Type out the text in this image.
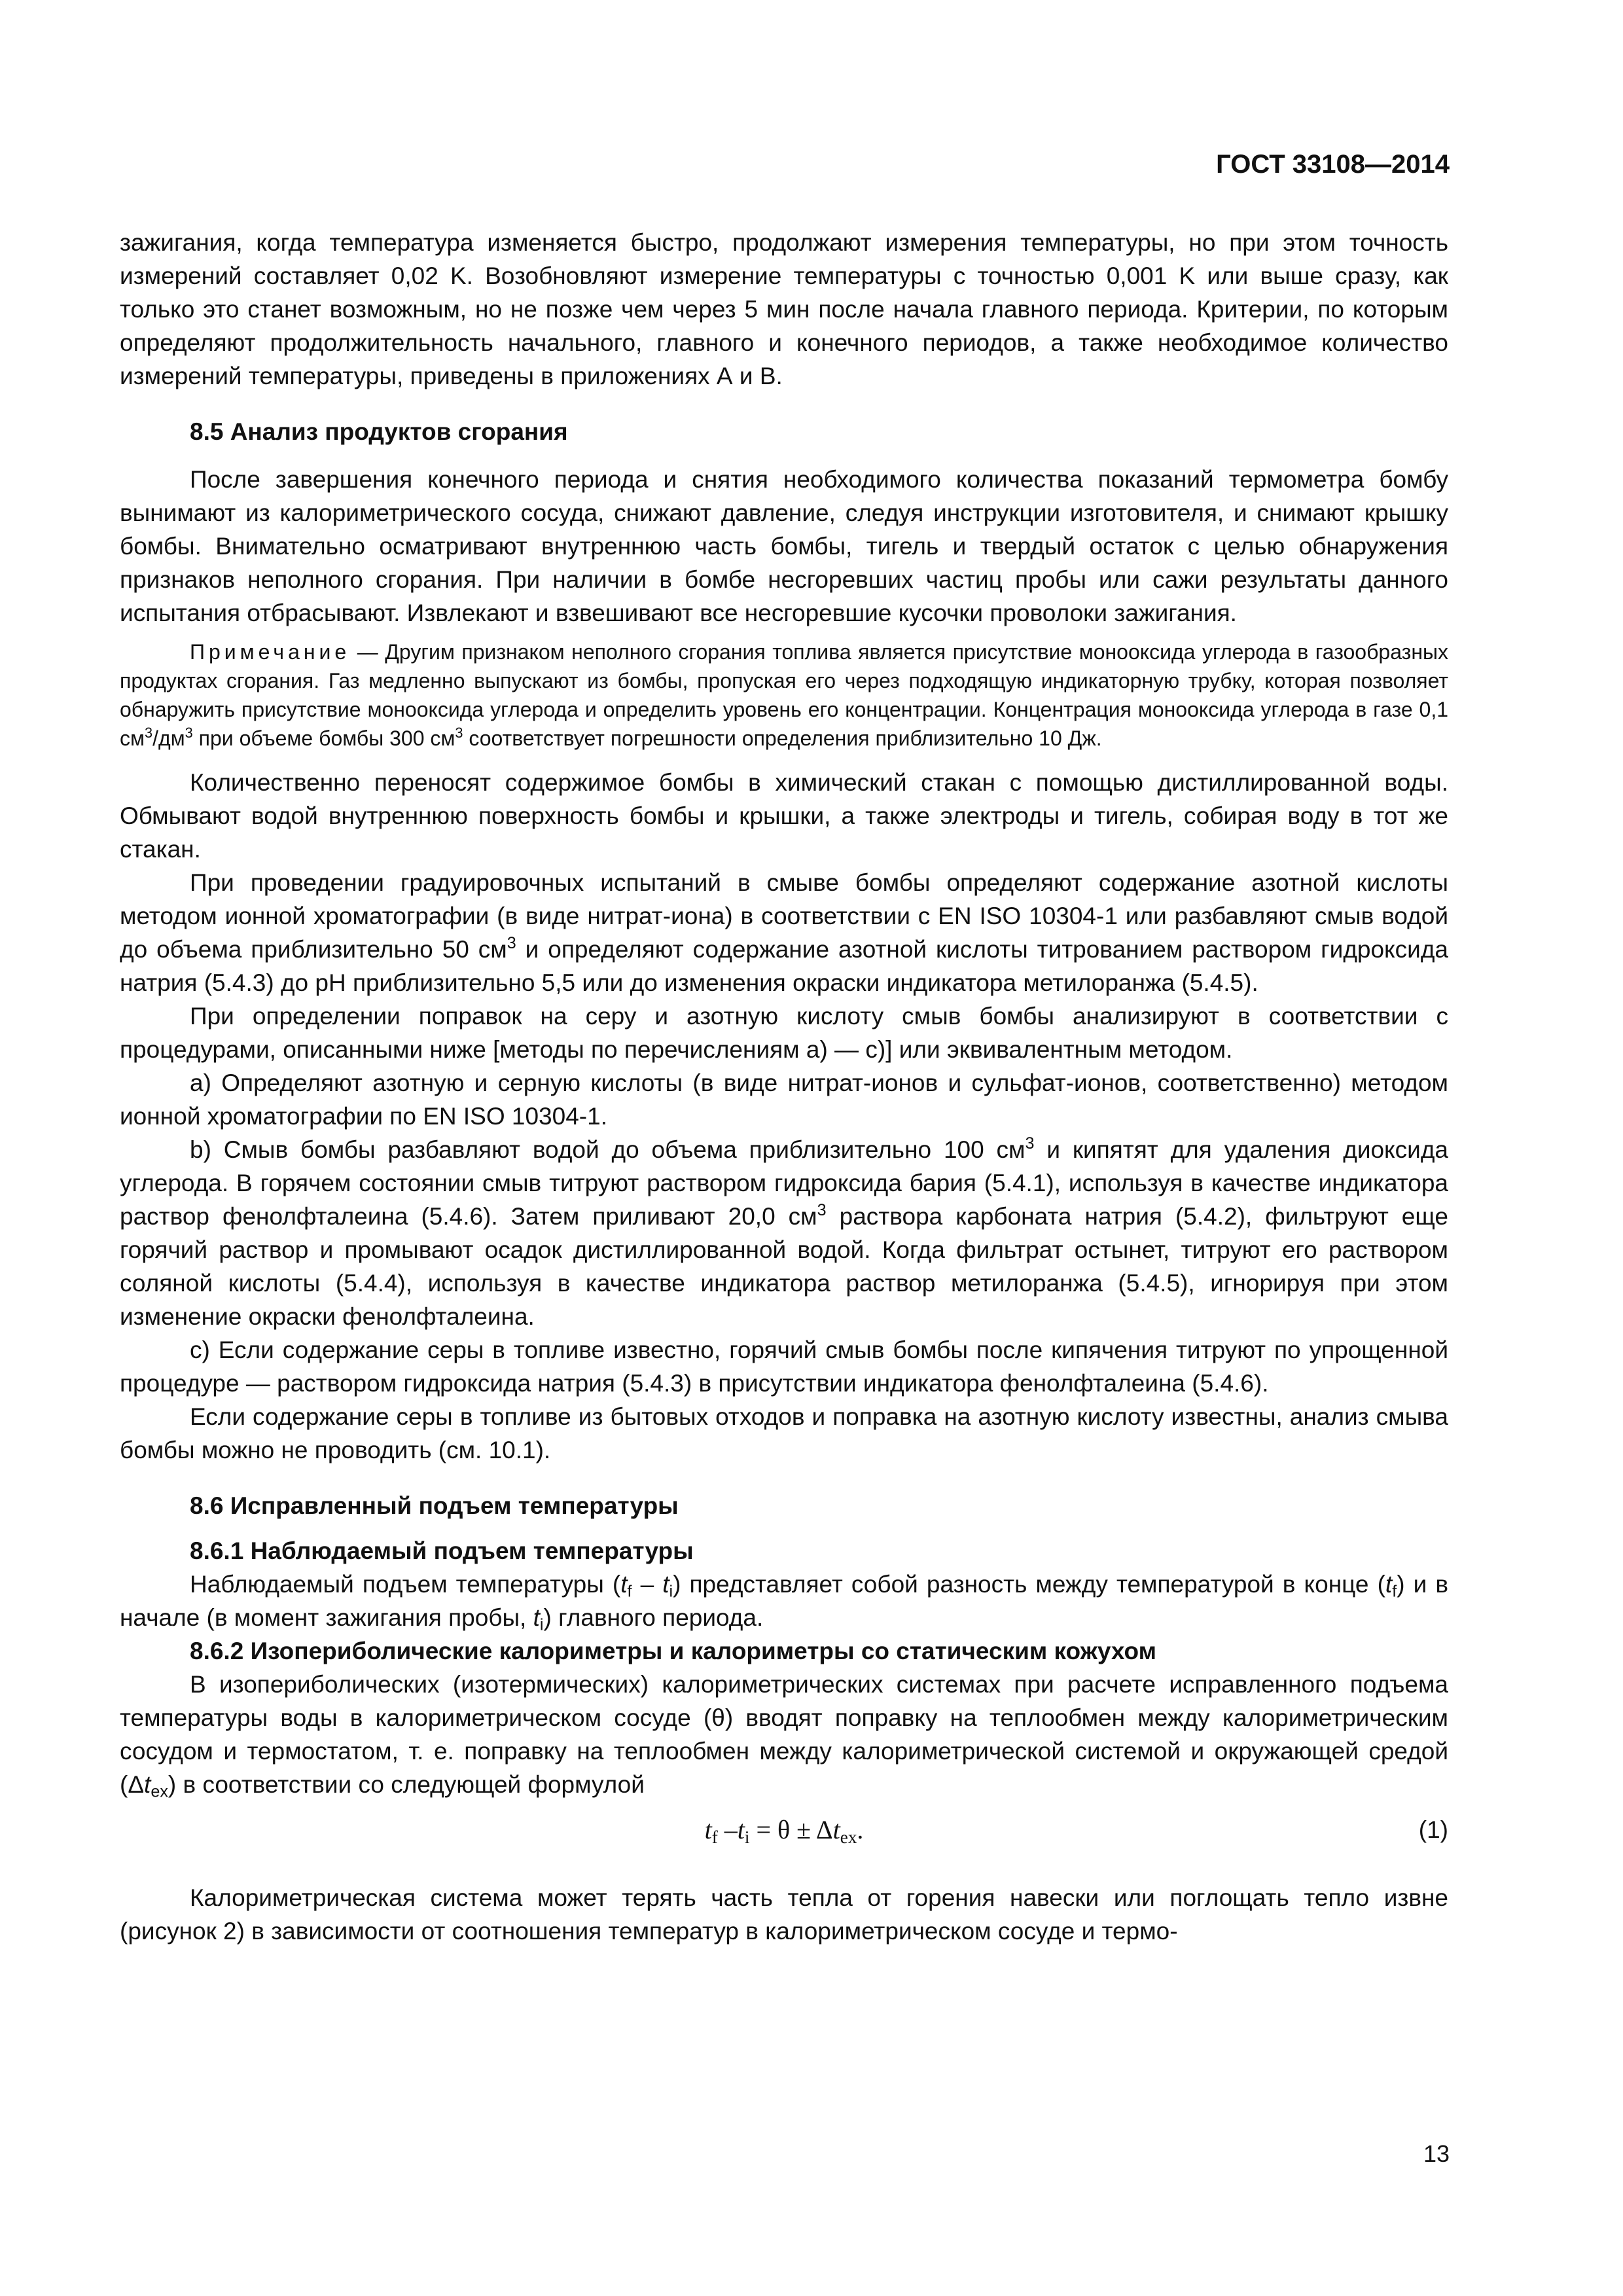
ГОСТ 33108—2014

зажигания, когда температура изменяется быстро, продолжают измерения температуры, но при этом точность измерений составляет 0,02 K. Возобновляют измерение температуры с точностью 0,001 K или выше сразу, как только это станет возможным, но не позже чем через 5 мин после начала главного периода. Критерии, по которым определяют продолжительность начального, главного и конечного периодов, а также необходимое количество измерений температуры, приведены в приложениях А и В.

8.5 Анализ продуктов сгорания

После завершения конечного периода и снятия необходимого количества показаний термометра бомбу вынимают из калориметрического сосуда, снижают давление, следуя инструкции изготовителя, и снимают крышку бомбы. Внимательно осматривают внутреннюю часть бомбы, тигель и твердый остаток с целью обнаружения признаков неполного сгорания. При наличии в бомбе несгоревших частиц пробы или сажи результаты данного испытания отбрасывают. Извлекают и взвешивают все несгоревшие кусочки проволоки зажигания.

Примечание — Другим признаком неполного сгорания топлива является присутствие монооксида углерода в газообразных продуктах сгорания. Газ медленно выпускают из бомбы, пропуская его через подходящую индикаторную трубку, которая позволяет обнаружить присутствие монооксида углерода и определить уровень его концентрации. Концентрация монооксида углерода в газе 0,1 $см^3/дм^3$ при объеме бомбы 300 $см^3$ соответствует погрешности определения приблизительно 10 Дж.

Количественно переносят содержимое бомбы в химический стакан с помощью дистиллированной воды. Обмывают водой внутреннюю поверхность бомбы и крышки, а также электроды и тигель, собирая воду в тот же стакан.

При проведении градуировочных испытаний в смыве бомбы определяют содержание азотной кислоты методом ионной хроматографии (в виде нитрат-иона) в соответствии с EN ISO 10304-1 или разбавляют смыв водой до объема приблизительно 50 $см^3$ и определяют содержание азотной кислоты титрованием раствором гидроксида натрия (5.4.3) до pH приблизительно 5,5 или до изменения окраски индикатора метилоранжа (5.4.5).

При определении поправок на серу и азотную кислоту смыв бомбы анализируют в соответствии с процедурами, описанными ниже [методы по перечислениям а) — с)] или эквивалентным методом.

a) Определяют азотную и серную кислоты (в виде нитрат-ионов и сульфат-ионов, соответственно) методом ионной хроматографии по EN ISO 10304-1.

b) Смыв бомбы разбавляют водой до объема приблизительно 100 $см^3$ и кипятят для удаления диоксида углерода. В горячем состоянии смыв титруют раствором гидроксида бария (5.4.1), используя в качестве индикатора раствор фенолфталеина (5.4.6). Затем приливают 20,0 $см^3$ раствора карбоната натрия (5.4.2), фильтруют еще горячий раствор и промывают осадок дистиллированной водой. Когда фильтрат остынет, титруют его раствором соляной кислоты (5.4.4), используя в качестве индикатора раствор метилоранжа (5.4.5), игнорируя при этом изменение окраски фенолфталеина.

c) Если содержание серы в топливе известно, горячий смыв бомбы после кипячения титруют по упрощенной процедуре — раствором гидроксида натрия (5.4.3) в присутствии индикатора фенолфталеина (5.4.6).

Если содержание серы в топливе из бытовых отходов и поправка на азотную кислоту известны, анализ смыва бомбы можно не проводить (см. 10.1).

8.6 Исправленный подъем температуры

8.6.1 Наблюдаемый подъем температуры

Наблюдаемый подъем температуры $(t_f - t_i)$ представляет собой разность между температурой в конце $(t_f)$ и в начале (в момент зажигания пробы, $t_i$) главного периода.

8.6.2 Изопериболические калориметры и калориметры со статическим кожухом

В изопериболических (изотермических) калориметрических системах при расчете исправленного подъема температуры воды в калориметрическом сосуде (θ) вводят поправку на теплообмен между калориметрическим сосудом и термостатом, т. е. поправку на теплообмен между калориметрической системой и окружающей средой $(\Delta t_{ex})$ в соответствии со следующей формулой

$t_f$ $-t_i = \theta \pm \Delta t_{ex}$.	(1)

Калориметрическая система может терять часть тепла от горения навески или поглощать тепло извне (рисунок 2) в зависимости от соотношения температур в калориметрическом сосуде и термо-

13
